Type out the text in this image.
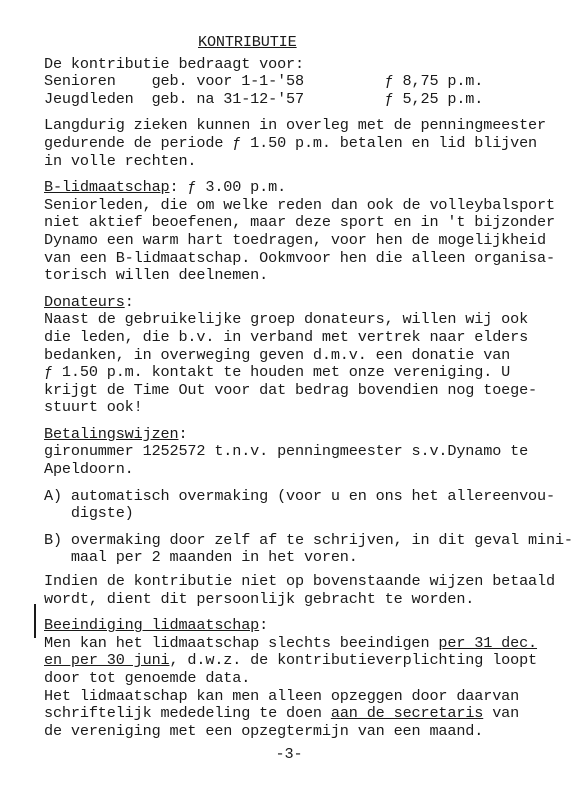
KONTRIBUTIE
De kontributie bedraagt voor:
Senioren    geb. voor 1-1-'58         ƒ 8,75 p.m.
Jeugdleden  geb. na 31-12-'57         ƒ 5,25 p.m.
Langdurig zieken kunnen in overleg met de penningmeester
gedurende de periode ƒ 1.50 p.m. betalen en lid blijven
in volle rechten.
B-lidmaatschap: ƒ 3.00 p.m.
Seniorleden, die om welke reden dan ook de volleybalsport
niet aktief beoefenen, maar deze sport en in 't bijzonder
Dynamo een warm hart toedragen, voor hen de mogelijkheid
van een B-lidmaatschap. Ookmvoor hen die alleen organisa-
torisch willen deelnemen.
Donateurs:
Naast de gebruikelijke groep donateurs, willen wij ook
die leden, die b.v. in verband met vertrek naar elders
bedanken, in overweging geven d.m.v. een donatie van
ƒ 1.50 p.m. kontakt te houden met onze vereniging. U
krijgt de Time Out voor dat bedrag bovendien nog toege-
stuurt ook!
Betalingswijzen:
gironummer 1252572 t.n.v. penningmeester s.v.Dynamo te
Apeldoorn.
A) automatisch overmaking (voor u en ons het allereenvou-
digste)
B) overmaking door zelf af te schrijven, in dit geval mini-
maal per 2 maanden in het voren.
Indien de kontributie niet op bovenstaande wijzen betaald
wordt, dient dit persoonlijk gebracht te worden.
Beeindiging lidmaatschap:
Men kan het lidmaatschap slechts beeindigen per 31 dec.
en per 30 juni, d.w.z. de kontributieverplichting loopt
door tot genoemde data.
Het lidmaatschap kan men alleen opzeggen door daarvan
schriftelijk mededeling te doen aan de secretaris van
de vereniging met een opzegtermijn van een maand.
-3-
